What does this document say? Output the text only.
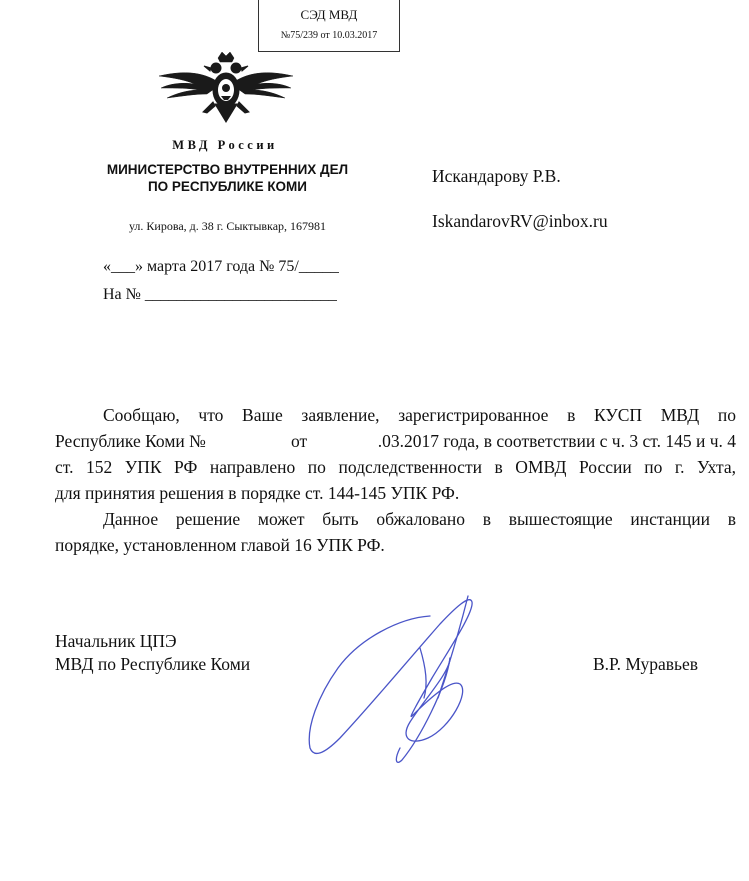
СЭД МВД
№75/239 от 10.03.2017
МВД России
МИНИСТЕРСТВО ВНУТРЕННИХ ДЕЛ
ПО РЕСПУБЛИКЕ КОМИ
ул. Кирова, д. 38 г. Сыктывкар, 167981
«___» марта 2017 года № 75/_____
На № ________________________
Искандарову Р.В.
IskandarovRV@inbox.ru
Сообщаю, что Ваше заявление, зарегистрированное в КУСП МВД по
Республике Коми №	от	.03.2017 года, в соответствии с ч. 3 ст. 145 и ч. 4
ст. 152 УПК РФ направлено по подследственности в ОМВД России по г. Ухта,
для принятия решения в порядке ст. 144-145 УПК РФ.
Данное решение может быть обжаловано в вышестоящие инстанции в
порядке, установленном главой 16 УПК РФ.
Начальник ЦПЭ
МВД по Республике Коми	В.Р. Муравьев
